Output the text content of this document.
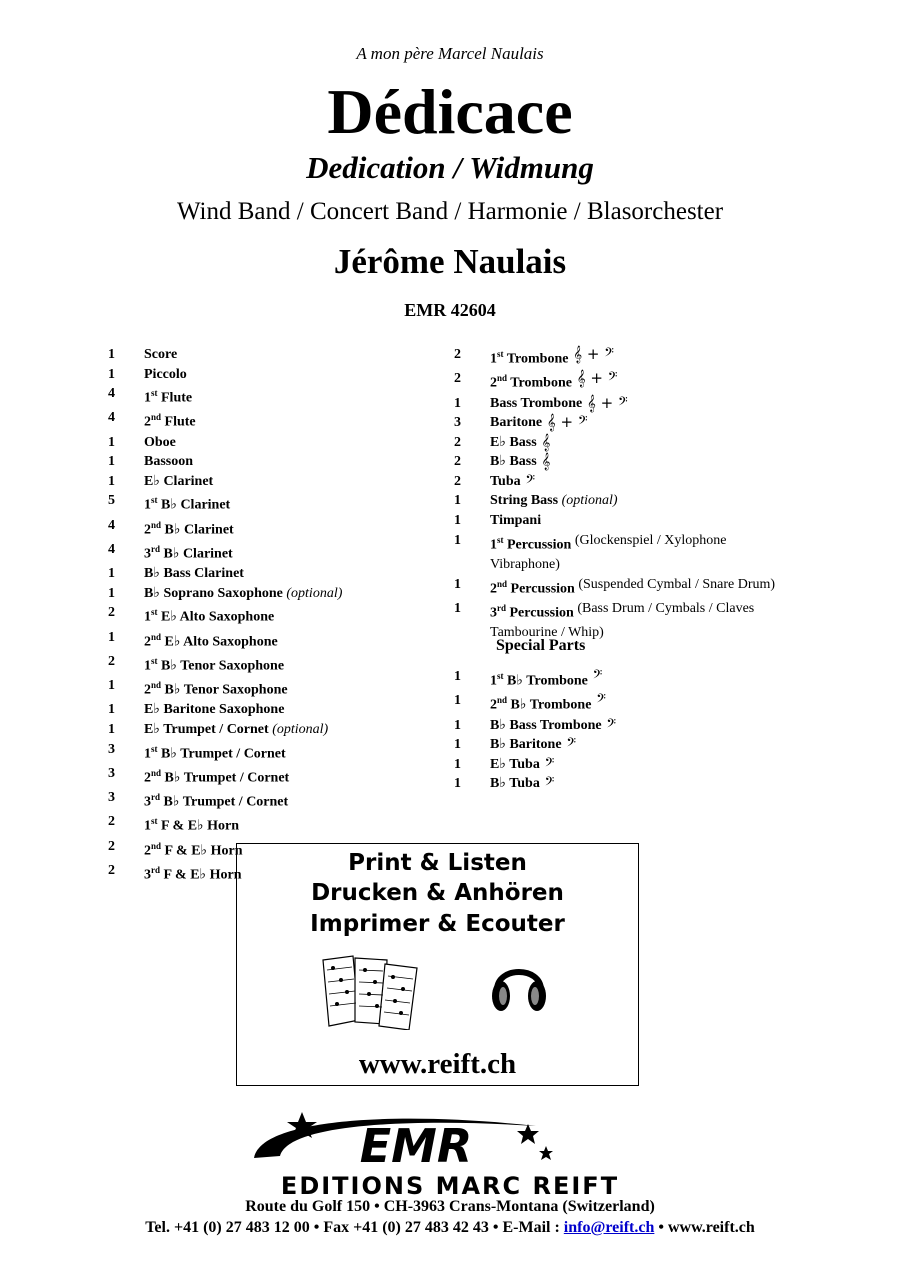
A mon père Marcel Naulais
Dédicace
Dedication / Widmung
Wind Band / Concert Band / Harmonie / Blasorchester
Jérôme Naulais
EMR 42604
1	Score
1	Piccolo
4	1st Flute
4	2nd Flute
1	Oboe
1	Bassoon
1	E♭ Clarinet
5	1st B♭ Clarinet
4	2nd B♭ Clarinet
4	3rd B♭ Clarinet
1	B♭ Bass Clarinet
1	B♭ Soprano Saxophone (optional)
2	1st E♭ Alto Saxophone
1	2nd E♭ Alto Saxophone
2	1st B♭ Tenor Saxophone
1	2nd B♭ Tenor Saxophone
1	E♭ Baritone Saxophone
1	E♭ Trumpet / Cornet (optional)
3	1st B♭ Trumpet / Cornet
3	2nd B♭ Trumpet / Cornet
3	3rd B♭ Trumpet / Cornet
2	1st F & E♭ Horn
2	2nd F & E♭ Horn
2	3rd F & E♭ Horn
2	1st Trombone 𝄞 + 𝄢
2	2nd Trombone 𝄞 + 𝄢
1	Bass Trombone 𝄞 + 𝄢
3	Baritone 𝄞 + 𝄢
2	E♭ Bass 𝄞
2	B♭ Bass 𝄞
2	Tuba 𝄢
1	String Bass (optional)
1	Timpani
1	1st Percussion (Glockenspiel / Xylophone
Vibraphone)
1	2nd Percussion (Suspended Cymbal / Snare Drum)
1	3rd Percussion (Bass Drum / Cymbals / Claves
Tambourine / Whip)
Special Parts
1	1st B♭ Trombone 𝄢
1	2nd B♭ Trombone 𝄢
1	B♭ Bass Trombone 𝄢
1	B♭ Baritone 𝄢
1	E♭ Tuba 𝄢
1	B♭ Tuba 𝄢
Print & Listen
Drucken & Anhören
Imprimer & Ecouter
www.reift.ch
EMR
EDITIONS MARC REIFT
Route du Golf 150 • CH-3963 Crans-Montana (Switzerland)
Tel. +41 (0) 27 483 12 00 • Fax +41 (0) 27 483 42 43 • E-Mail : info@reift.ch • www.reift.ch
